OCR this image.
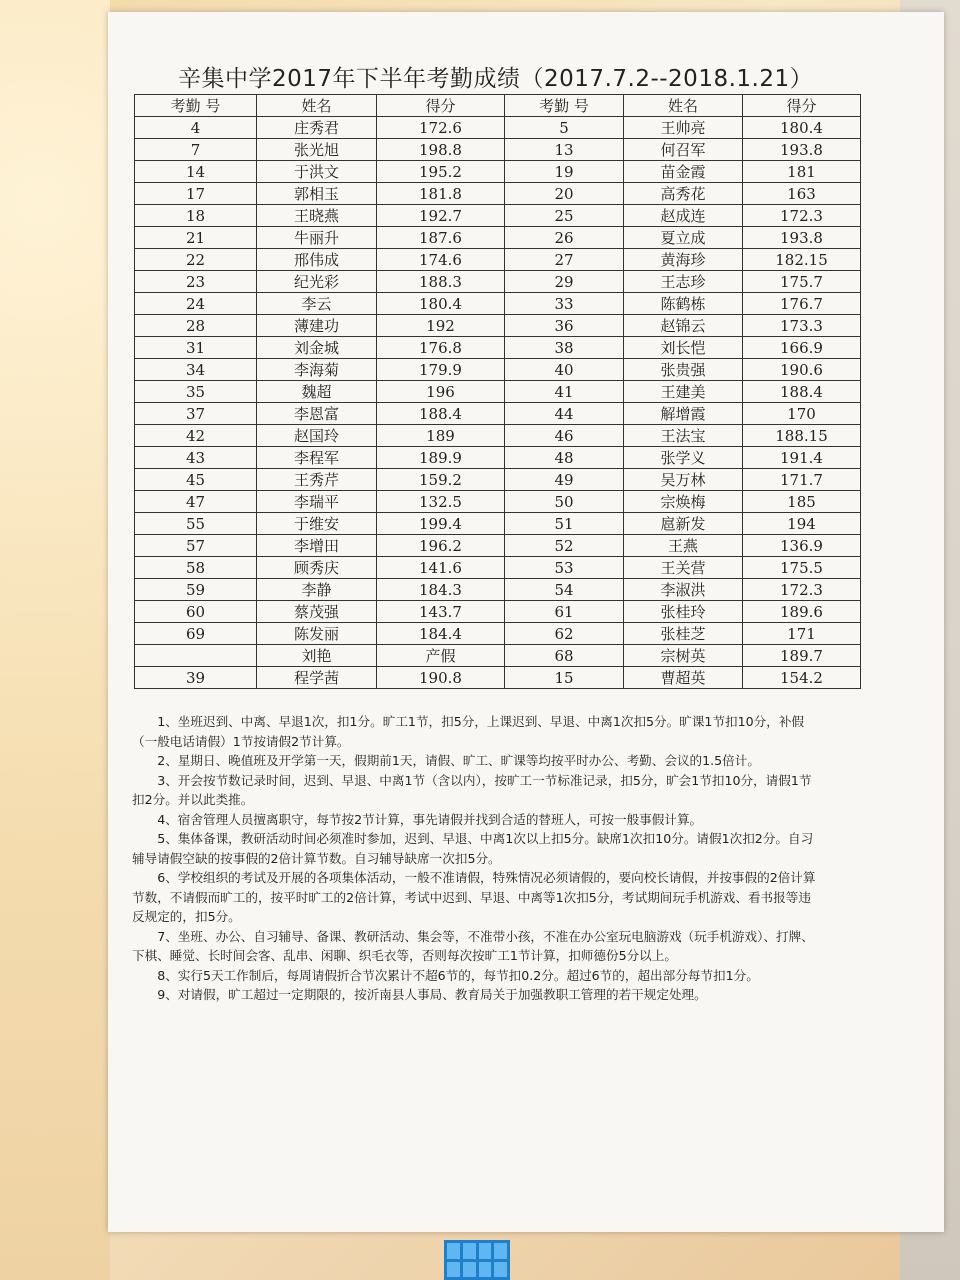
辛集中学2017年下半年考勤成绩（2017.7.2--2018.1.21）
考勤 号	姓名	得分	考勤 号	姓名	得分
4	庄秀君	172.6	5	王帅亮	180.4
7	张光旭	198.8	13	何召军	193.8
14	于洪文	195.2	19	苗金霞	181
17	郭相玉	181.8	20	高秀花	163
18	王晓燕	192.7	25	赵成连	172.3
21	牛丽升	187.6	26	夏立成	193.8
22	邢伟成	174.6	27	黄海珍	182.15
23	纪光彩	188.3	29	王志珍	175.7
24	李云	180.4	33	陈鹤栋	176.7
28	薄建功	192	36	赵锦云	173.3
31	刘金城	176.8	38	刘长恺	166.9
34	李海菊	179.9	40	张贵强	190.6
35	魏超	196	41	王建美	188.4
37	李恩富	188.4	44	解增霞	170
42	赵国玲	189	46	王法宝	188.15
43	李程军	189.9	48	张学义	191.4
45	王秀芹	159.2	49	吴万林	171.7
47	李瑞平	132.5	50	宗焕梅	185
55	于维安	199.4	51	扈新发	194
57	李增田	196.2	52	王燕	136.9
58	顾秀庆	141.6	53	王关营	175.5
59	李静	184.3	54	李淑洪	172.3
60	蔡茂强	143.7	61	张桂玲	189.6
69	陈发丽	184.4	62	张桂芝	171
	刘艳	产假	68	宗树英	189.7
39	程学茜	190.8	15	曹超英	154.2

1、坐班迟到、中离、早退1次，扣1分。旷工1节，扣5分，上课迟到、早退、中离1次扣5分。旷课1节扣10分，补假（一般电话请假）1节按请假2节计算。

2、星期日、晚值班及开学第一天，假期前1天，请假、旷工、旷课等均按平时办公、考勤、会议的1.5倍计。

3、开会按节数记录时间，迟到、早退、中离1节（含以内），按旷工一节标准记录，扣5分，旷会1节扣10分，请假1节扣2分。并以此类推。

4、宿舍管理人员擅离职守，每节按2节计算，事先请假并找到合适的替班人，可按一般事假计算。

5、集体备课，教研活动时间必须准时参加，迟到、早退、中离1次以上扣5分。缺席1次扣10分。请假1次扣2分。自习辅导请假空缺的按事假的2倍计算节数。自习辅导缺席一次扣5分。

6、学校组织的考试及开展的各项集体活动，一般不准请假，特殊情况必须请假的，要向校长请假，并按事假的2倍计算节数，不请假而旷工的，按平时旷工的2倍计算，考试中迟到、早退、中离等1次扣5分，考试期间玩手机游戏、看书报等违反规定的，扣5分。

7、坐班、办公、自习辅导、备课、教研活动、集会等，不准带小孩，不准在办公室玩电脑游戏（玩手机游戏）、打牌、下棋、睡觉、长时间会客、乱串、闲聊、织毛衣等，否则每次按旷工1节计算，扣师德份5分以上。

8、实行5天工作制后，每周请假折合节次累计不超6节的，每节扣0.2分。超过6节的，超出部分每节扣1分。

9、对请假，旷工超过一定期限的，按沂南县人事局、教育局关于加强教职工管理的若干规定处理。
